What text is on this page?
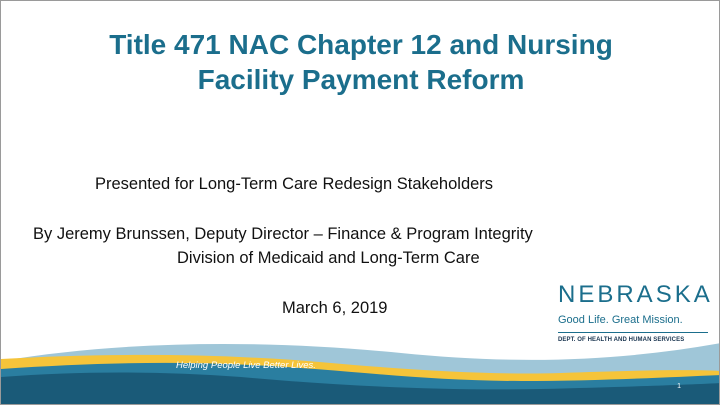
Title 471 NAC Chapter 12 and Nursing
Facility Payment Reform
Presented for Long-Term Care Redesign Stakeholders
By Jeremy Brunssen, Deputy Director – Finance & Program Integrity
Division of Medicaid and Long-Term Care
March 6, 2019	NEBRASKA
Good Life. Great Mission.
DEPT. OF HEALTH AND HUMAN SERVICES
Helping People Live Better Lives.
1
